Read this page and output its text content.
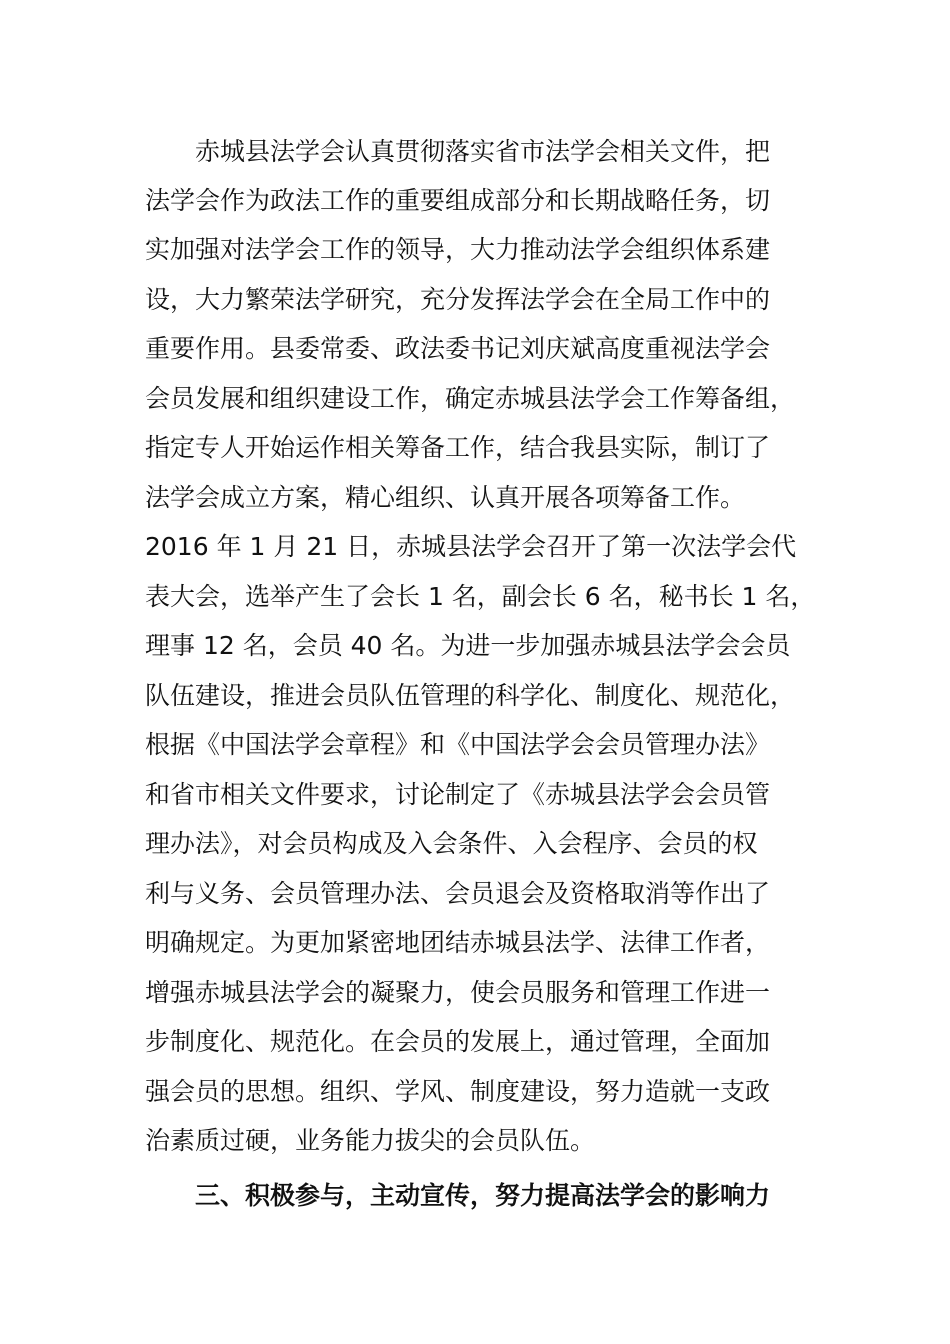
赤城县法学会认真贯彻落实省市法学会相关文件，把
法学会作为政法工作的重要组成部分和长期战略任务，切
实加强对法学会工作的领导，大力推动法学会组织体系建
设，大力繁荣法学研究，充分发挥法学会在全局工作中的
重要作用。县委常委、政法委书记刘庆斌高度重视法学会
会员发展和组织建设工作，确定赤城县法学会工作筹备组，
指定专人开始运作相关筹备工作，结合我县实际，制订了
法学会成立方案，精心组织、认真开展各项筹备工作。
2016 年 1 月 21 日，赤城县法学会召开了第一次法学会代
表大会，选举产生了会长 1 名，副会长 6 名，秘书长 1 名，
理事 12 名，会员 40 名。为进一步加强赤城县法学会会员
队伍建设，推进会员队伍管理的科学化、制度化、规范化，
根据《中国法学会章程》和《中国法学会会员管理办法》
和省市相关文件要求，讨论制定了《赤城县法学会会员管
理办法》，对会员构成及入会条件、入会程序、会员的权
利与义务、会员管理办法、会员退会及资格取消等作出了
明确规定。为更加紧密地团结赤城县法学、法律工作者，
增强赤城县法学会的凝聚力，使会员服务和管理工作进一
步制度化、规范化。在会员的发展上，通过管理，全面加
强会员的思想。组织、学风、制度建设，努力造就一支政
治素质过硬，业务能力拔尖的会员队伍。
三、积极参与，主动宣传，努力提高法学会的影响力
